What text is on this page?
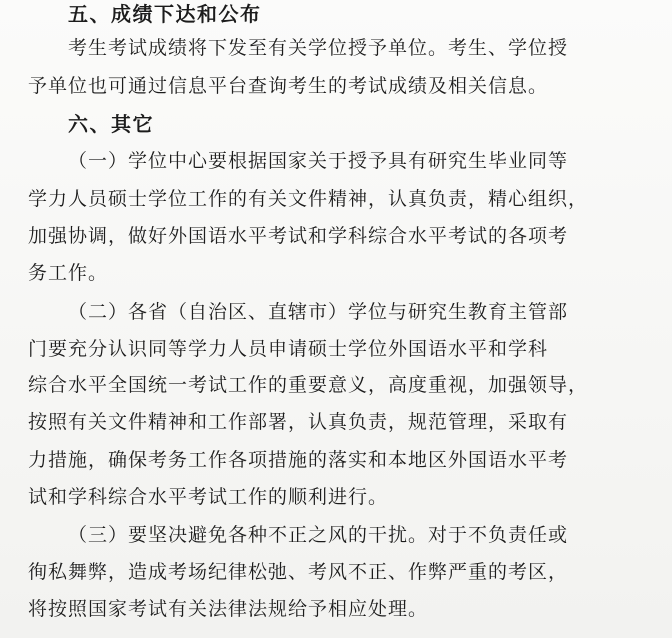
五、成绩下达和公布
考生考试成绩将下发至有关学位授予单位。考生、学位授
予单位也可通过信息平台查询考生的考试成绩及相关信息。
六、其它
（一）学位中心要根据国家关于授予具有研究生毕业同等
学力人员硕士学位工作的有关文件精神，认真负责，精心组织，
加强协调，做好外国语水平考试和学科综合水平考试的各项考
务工作。
（二）各省（自治区、直辖市）学位与研究生教育主管部
门要充分认识同等学力人员申请硕士学位外国语水平和学科
综合水平全国统一考试工作的重要意义，高度重视，加强领导，
按照有关文件精神和工作部署，认真负责，规范管理，采取有
力措施，确保考务工作各项措施的落实和本地区外国语水平考
试和学科综合水平考试工作的顺利进行。
（三）要坚决避免各种不正之风的干扰。对于不负责任或
徇私舞弊，造成考场纪律松弛、考风不正、作弊严重的考区，
将按照国家考试有关法律法规给予相应处理。
